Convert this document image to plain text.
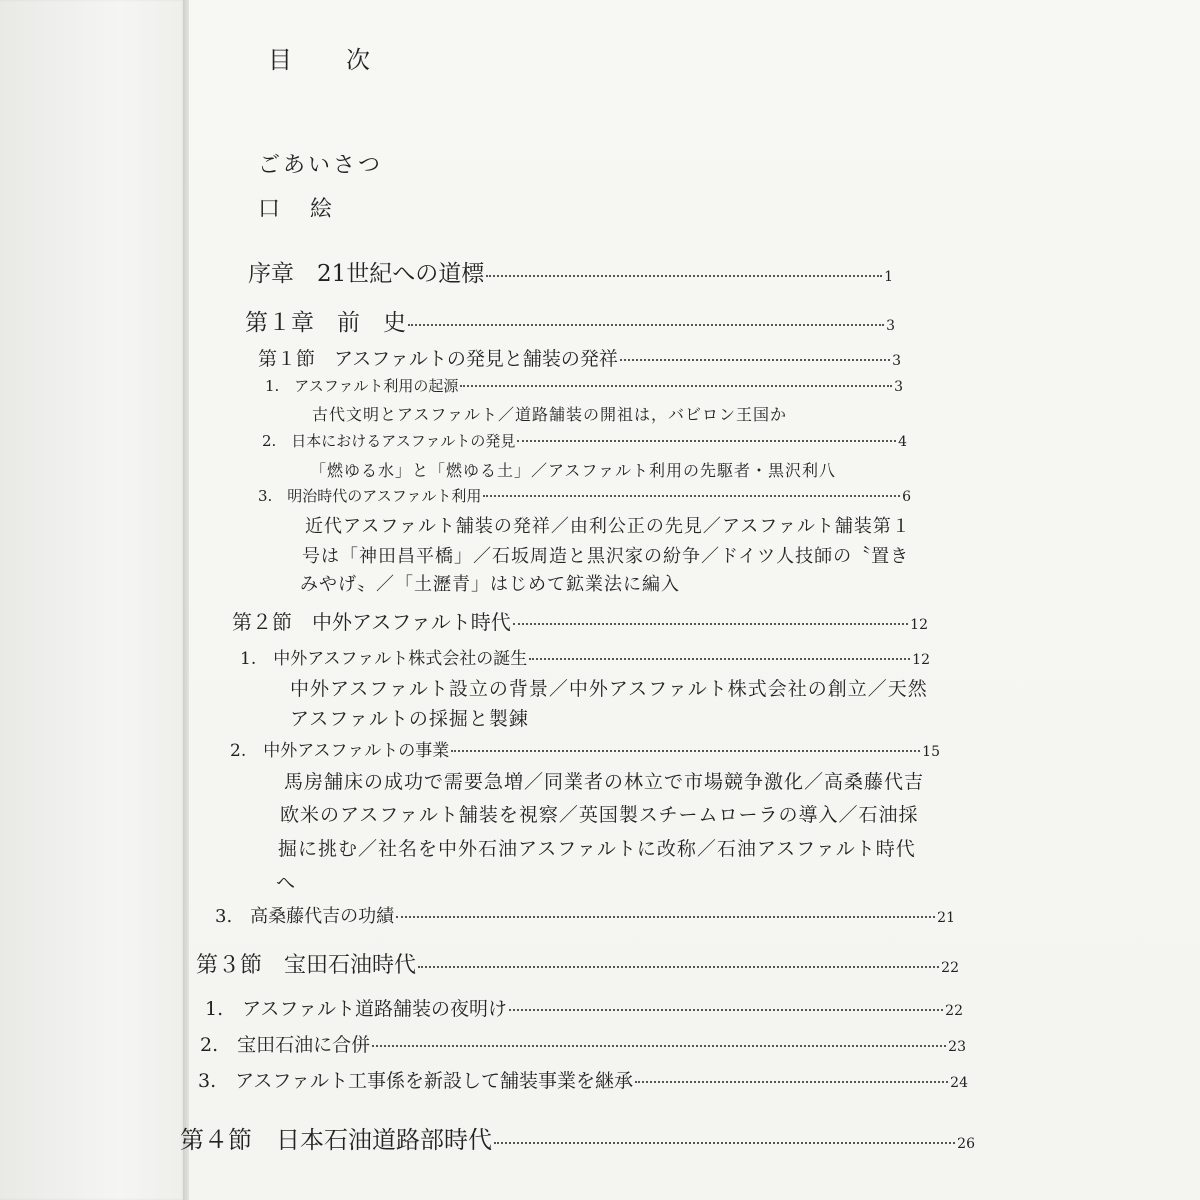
目　　次
ごあいさつ
口　絵
序章　21世紀への道標	1
第１章　前　史	3
第１節　アスファルトの発見と舗装の発祥	3
1.　アスファルト利用の起源	3
古代文明とアスファルト／道路舗装の開祖は，バビロン王国か
2.　日本におけるアスファルトの発見	4
「燃ゆる水」と「燃ゆる土」／アスファルト利用の先駆者・黒沢利八
3.　明治時代のアスファルト利用	6
近代アスファルト舗装の発祥／由利公正の先見／アスファルト舗装第１
号は「神田昌平橋」／石坂周造と黒沢家の紛争／ドイツ人技師の〝置き
みやげ〟／「土瀝青」はじめて鉱業法に編入
第２節　中外アスファルト時代	12
1.　中外アスファルト株式会社の誕生	12
中外アスファルト設立の背景／中外アスファルト株式会社の創立／天然
アスファルトの採掘と製錬
2.　中外アスファルトの事業	15
馬房舗床の成功で需要急増／同業者の林立で市場競争激化／高桑藤代吉
欧米のアスファルト舗装を視察／英国製スチームローラの導入／石油採
掘に挑む／社名を中外石油アスファルトに改称／石油アスファルト時代
へ
3.　高桑藤代吉の功績	21
第３節　宝田石油時代	22
1.　アスファルト道路舗装の夜明け	22
2.　宝田石油に合併	23
3.　アスファルト工事係を新設して舗装事業を継承	24
第４節　日本石油道路部時代	26
